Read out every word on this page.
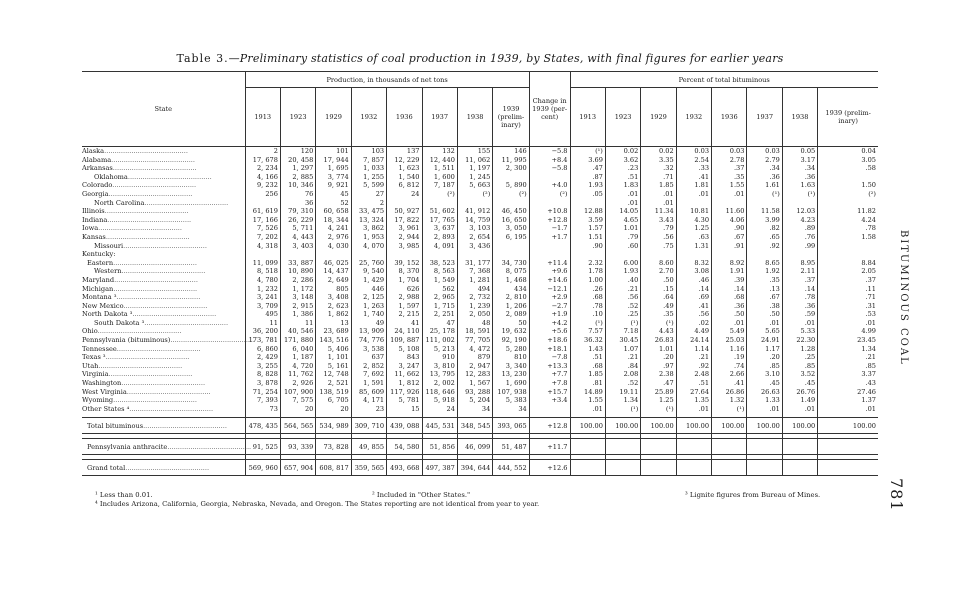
Table 3.—Preliminary statistics of coal production in 1939, by States, with final figures for earlier years
State	Production, in thousands of net tons								Change in 1939 (per-cent)	Percent of total bituminous							
	1913	1923	1929	1932	1936	1937	1938	1939 (prelim-inary)		1913	1923	1929	1932	1936	1937	1938	1939 (prelim-inary)
Alaska........................................	2	120	101	103	137	132	155	146	−5.8	(¹)	0.02	0.02	0.03	0.03	0.03	0.05	0.04
Alabama........................................	17, 678	20, 458	17, 944	7, 857	12, 229	12, 440	11, 062	11, 995	+8.4	3.69	3.62	3.35	2.54	2.78	2.79	3.17	3.05
Arkansas........................................	2, 234	1, 297	1, 695	1, 033	1, 623	1, 511	1, 197	2, 300	−5.8	.47	.23	.32	.33	.37	.34	.34	.58
Oklahoma........................................	4, 166	2, 885	3, 774	1, 255	1, 540	1, 600	1, 245			.87	.51	.71	.41	.35	.36	.36	
Colorado........................................	9, 232	10, 346	9, 921	5, 599	6, 812	7, 187	5, 663	5, 890	+4.0	1.93	1.83	1.85	1.81	1.55	1.61	1.63	1.50
Georgia........................................	256	76	45	27	24	(²)	(²)	(²)	(²)	.05	.01	.01	.01	.01	(¹)	(¹)	(²)
North Carolina........................................		36	52	2							.01	.01					
Illinois........................................	61, 619	79, 310	60, 658	33, 475	50, 927	51, 602	41, 912	46, 450	+10.8	12.88	14.05	11.34	10.81	11.60	11.58	12.03	11.82
Indiana........................................	17, 166	26, 229	18, 344	13, 324	17, 822	17, 765	14, 759	16, 650	+12.8	3.59	4.65	3.43	4.30	4.06	3.99	4.23	4.24
Iowa........................................	7, 526	5, 711	4, 241	3, 862	3, 961	3, 637	3, 103	3, 050	−1.7	1.57	1.01	.79	1.25	.90	.82	.89	.78
Kansas........................................	7, 202	4, 443	2, 976	1, 953	2, 944	2, 893	2, 654	6, 195	+1.7	1.51	.79	.56	.63	.67	.65	.76	1.58
Missouri........................................	4, 318	3, 403	4, 030	4, 070	3, 985	4, 091	3, 436			.90	.60	.75	1.31	.91	.92	.99	
Kentucky:																	
Eastern........................................	11, 099	33, 887	46, 025	25, 760	39, 152	38, 523	31, 177	34, 730	+11.4	2.32	6.00	8.60	8.32	8.92	8.65	8.95	8.84
Western........................................	8, 518	10, 890	14, 437	9, 540	8, 370	8, 563	7, 368	8, 075	+9.6	1.78	1.93	2.70	3.08	1.91	1.92	2.11	2.05
Maryland........................................	4, 780	2, 286	2, 649	1, 429	1, 704	1, 549	1, 281	1, 468	+14.6	1.00	.40	.50	.46	.39	.35	.37	.37
Michigan........................................	1, 232	1, 172	805	446	626	562	494	434	−12.1	.26	.21	.15	.14	.14	.13	.14	.11
Montana ³........................................	3, 241	3, 148	3, 408	2, 125	2, 988	2, 965	2, 732	2, 810	+2.9	.68	.56	.64	.69	.68	.67	.78	.71
New Mexico........................................	3, 709	2, 915	2, 623	1, 263	1, 597	1, 715	1, 239	1, 206	−2.7	.78	.52	.49	.41	.36	.38	.36	.31
North Dakota ³........................................	495	1, 386	1, 862	1, 740	2, 215	2, 251	2, 050	2, 089	+1.9	.10	.25	.35	.56	.50	.50	.59	.53
South Dakota ³........................................	11	11	13	49	41	47	48	50	+4.2	(¹)	(¹)	(¹)	.02	.01	.01	.01	.01
Ohio........................................	36, 200	40, 546	23, 689	13, 909	24, 110	25, 178	18, 591	19, 632	+5.6	7.57	7.18	4.43	4.49	5.49	5.65	5.33	4.99
Pennsylvania (bituminous)........................................	173, 781	171, 880	143, 516	74, 776	109, 887	111, 002	77, 705	92, 190	+18.6	36.32	30.45	26.83	24.14	25.03	24.91	22.30	23.45
Tennessee........................................	6, 860	6, 040	5, 406	3, 538	5, 108	5, 213	4, 472	5, 280	+18.1	1.43	1.07	1.01	1.14	1.16	1.17	1.28	1.34
Texas ³........................................	2, 429	1, 187	1, 101	637	843	910	879	810	−7.8	.51	.21	.20	.21	.19	.20	.25	.21
Utah........................................	3, 255	4, 720	5, 161	2, 852	3, 247	3, 810	2, 947	3, 340	+13.3	.68	.84	.97	.92	.74	.85	.85	.85
Virginia........................................	8, 828	11, 762	12, 748	7, 692	11, 662	13, 795	12, 283	13, 230	+7.7	1.85	2.08	2.38	2.48	2.66	3.10	3.52	3.37
Washington........................................	3, 878	2, 926	2, 521	1, 591	1, 812	2, 002	1, 567	1, 690	+7.8	.81	.52	.47	.51	.41	.45	.45	.43
West Virginia........................................	71, 254	107, 900	138, 519	85, 609	117, 926	118, 646	93, 288	107, 938	+15.7	14.89	19.11	25.89	27.64	26.86	26.63	26.76	27.46
Wyoming........................................	7, 393	7, 575	6, 705	4, 171	5, 781	5, 918	5, 204	5, 383	+3.4	1.55	1.34	1.25	1.35	1.32	1.33	1.49	1.37
Other States ⁴........................................	73	20	20	23	15	24	34	34		.01	(¹)	(¹)	.01	(¹)	.01	.01	.01

Total bituminous........................................	478, 435	564, 565	534, 989	309, 710	439, 088	445, 531	348, 545	393, 065	+12.8	100.00	100.00	100.00	100.00	100.00	100.00	100.00	100.00

Pennsylvania anthracite........................................	91, 525	93, 339	73, 828	49, 855	54, 580	51, 856	46, 099	51, 487	+11.7								

Grand total........................................	569, 960	657, 904	608, 817	359, 565	493, 668	497, 387	394, 644	444, 552	+12.6								
BITUMINOUS COAL
781
¹ Less than 0.01.	² Included in "Other States."	³ Lignite figures from Bureau of Mines.
⁴ Includes Arizona, California, Georgia, Nebraska, Nevada, and Oregon. The States reporting are not identical from year to year.
